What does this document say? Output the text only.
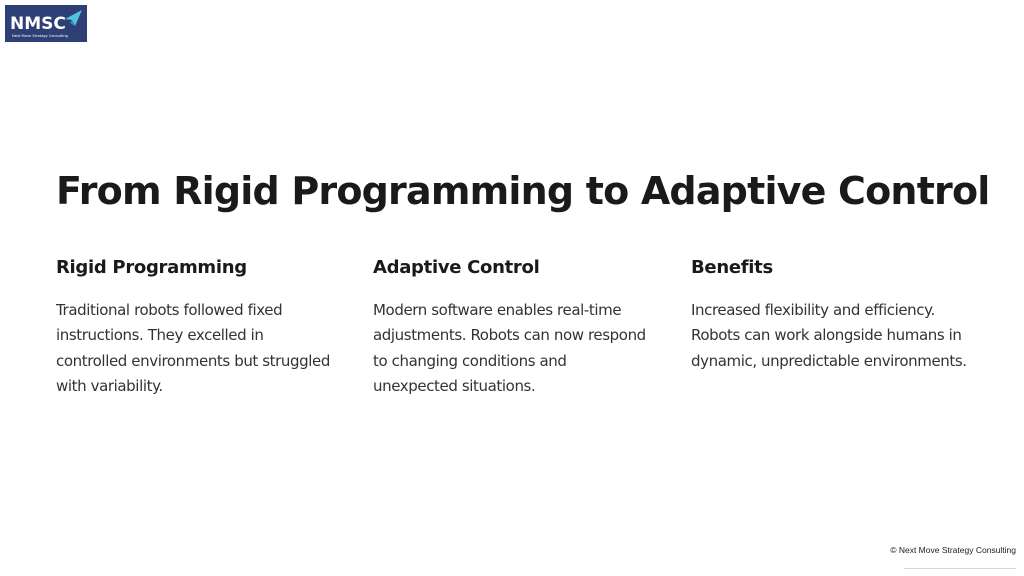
NMSC
Next Move Strategy Consulting
From Rigid Programming to Adaptive Control
Rigid Programming

Traditional robots followed fixed instructions. They excelled in controlled environments but struggled with variability.

Adaptive Control

Modern software enables real-time adjustments. Robots can now respond to changing conditions and unexpected situations.

Benefits

Increased flexibility and efficiency. Robots can work alongside humans in dynamic, unpredictable environments.

© Next Move Strategy Consulting
